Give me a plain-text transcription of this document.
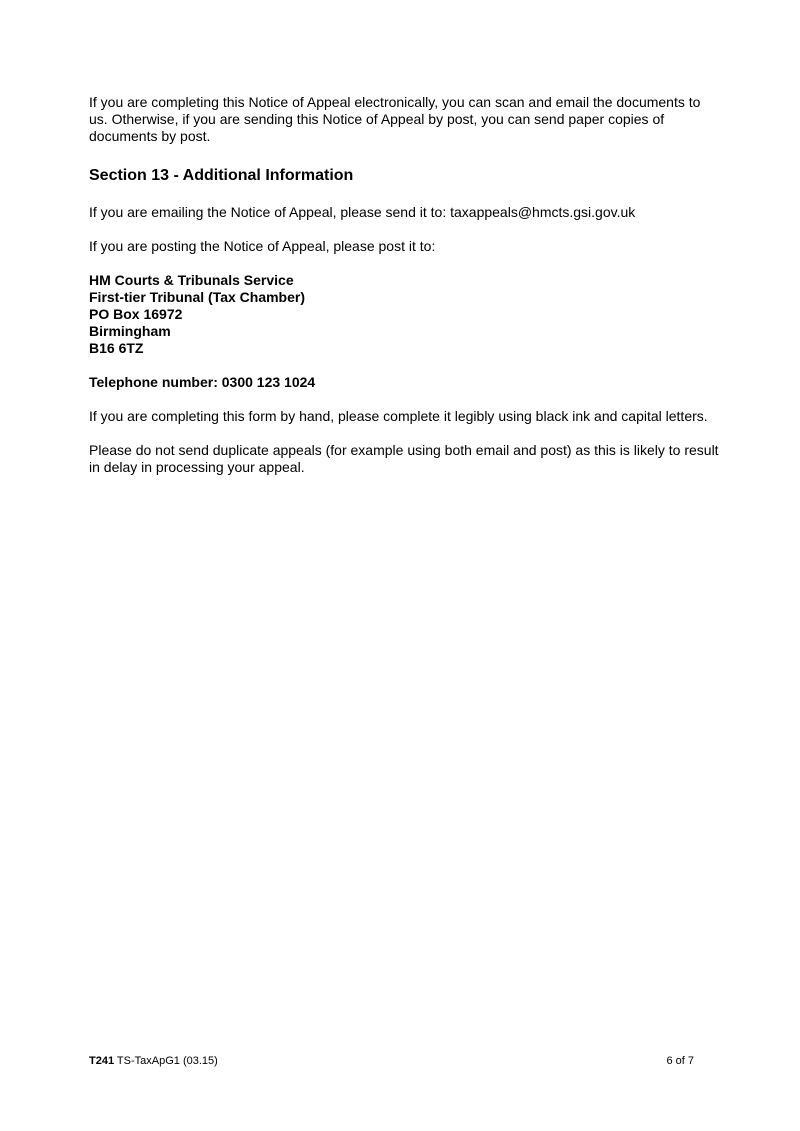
If you are completing this Notice of Appeal electronically, you can scan and email the documents to us. Otherwise, if you are sending this Notice of Appeal by post, you can send paper copies of documents by post.

Section 13 - Additional Information

If you are emailing the Notice of Appeal, please send it to: taxappeals@hmcts.gsi.gov.uk

If you are posting the Notice of Appeal, please post it to:

HM Courts & Tribunals Service
First-tier Tribunal (Tax Chamber)
PO Box 16972
Birmingham
B16 6TZ

Telephone number: 0300 123 1024

If you are completing this form by hand, please complete it legibly using black ink and capital letters.

Please do not send duplicate appeals (for example using both email and post) as this is likely to result in delay in processing your appeal.

T241 TS-TaxApG1 (03.15)	6 of 7
